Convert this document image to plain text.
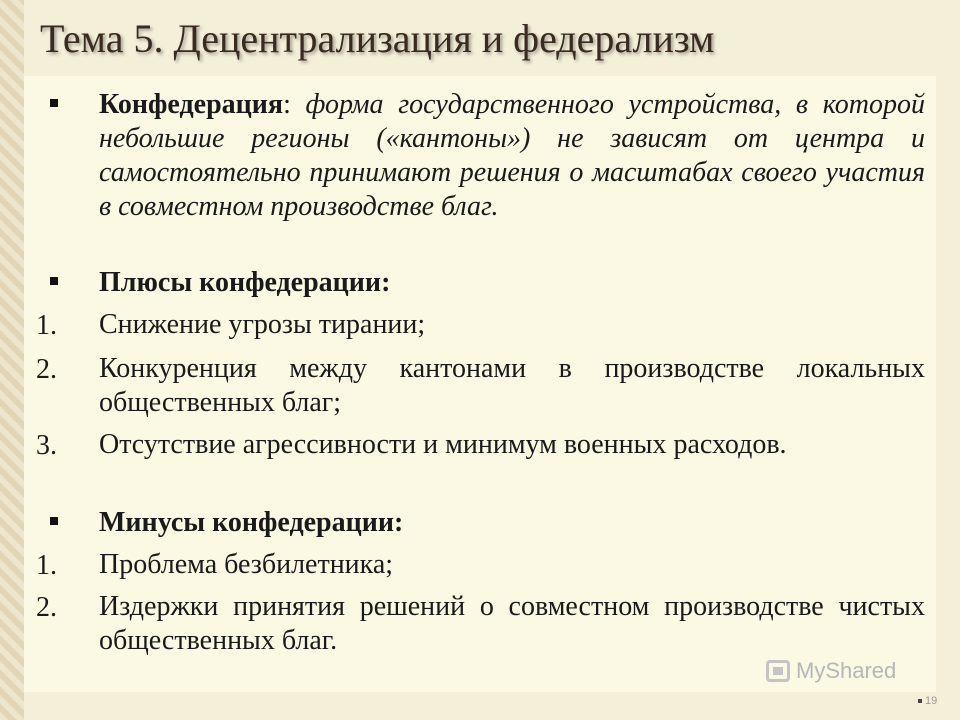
Тема 5. Децентрализация и федерализм
Конфедерация: форма государственного устройства, в которой небольшие регионы («кантоны») не зависят от центра и самостоятельно принимают решения о масштабах своего участия в совместном производстве благ.
Плюсы конфедерации:
1.	Снижение угрозы тирании;
2.	Конкуренция между кантонами в производстве локальных общественных благ;
3.	Отсутствие агрессивности и минимум военных расходов.
Минусы конфедерации:
1.	Проблема безбилетника;
2.	Издержки принятия решений о совместном производстве чистых общественных благ.
MyShared
19
